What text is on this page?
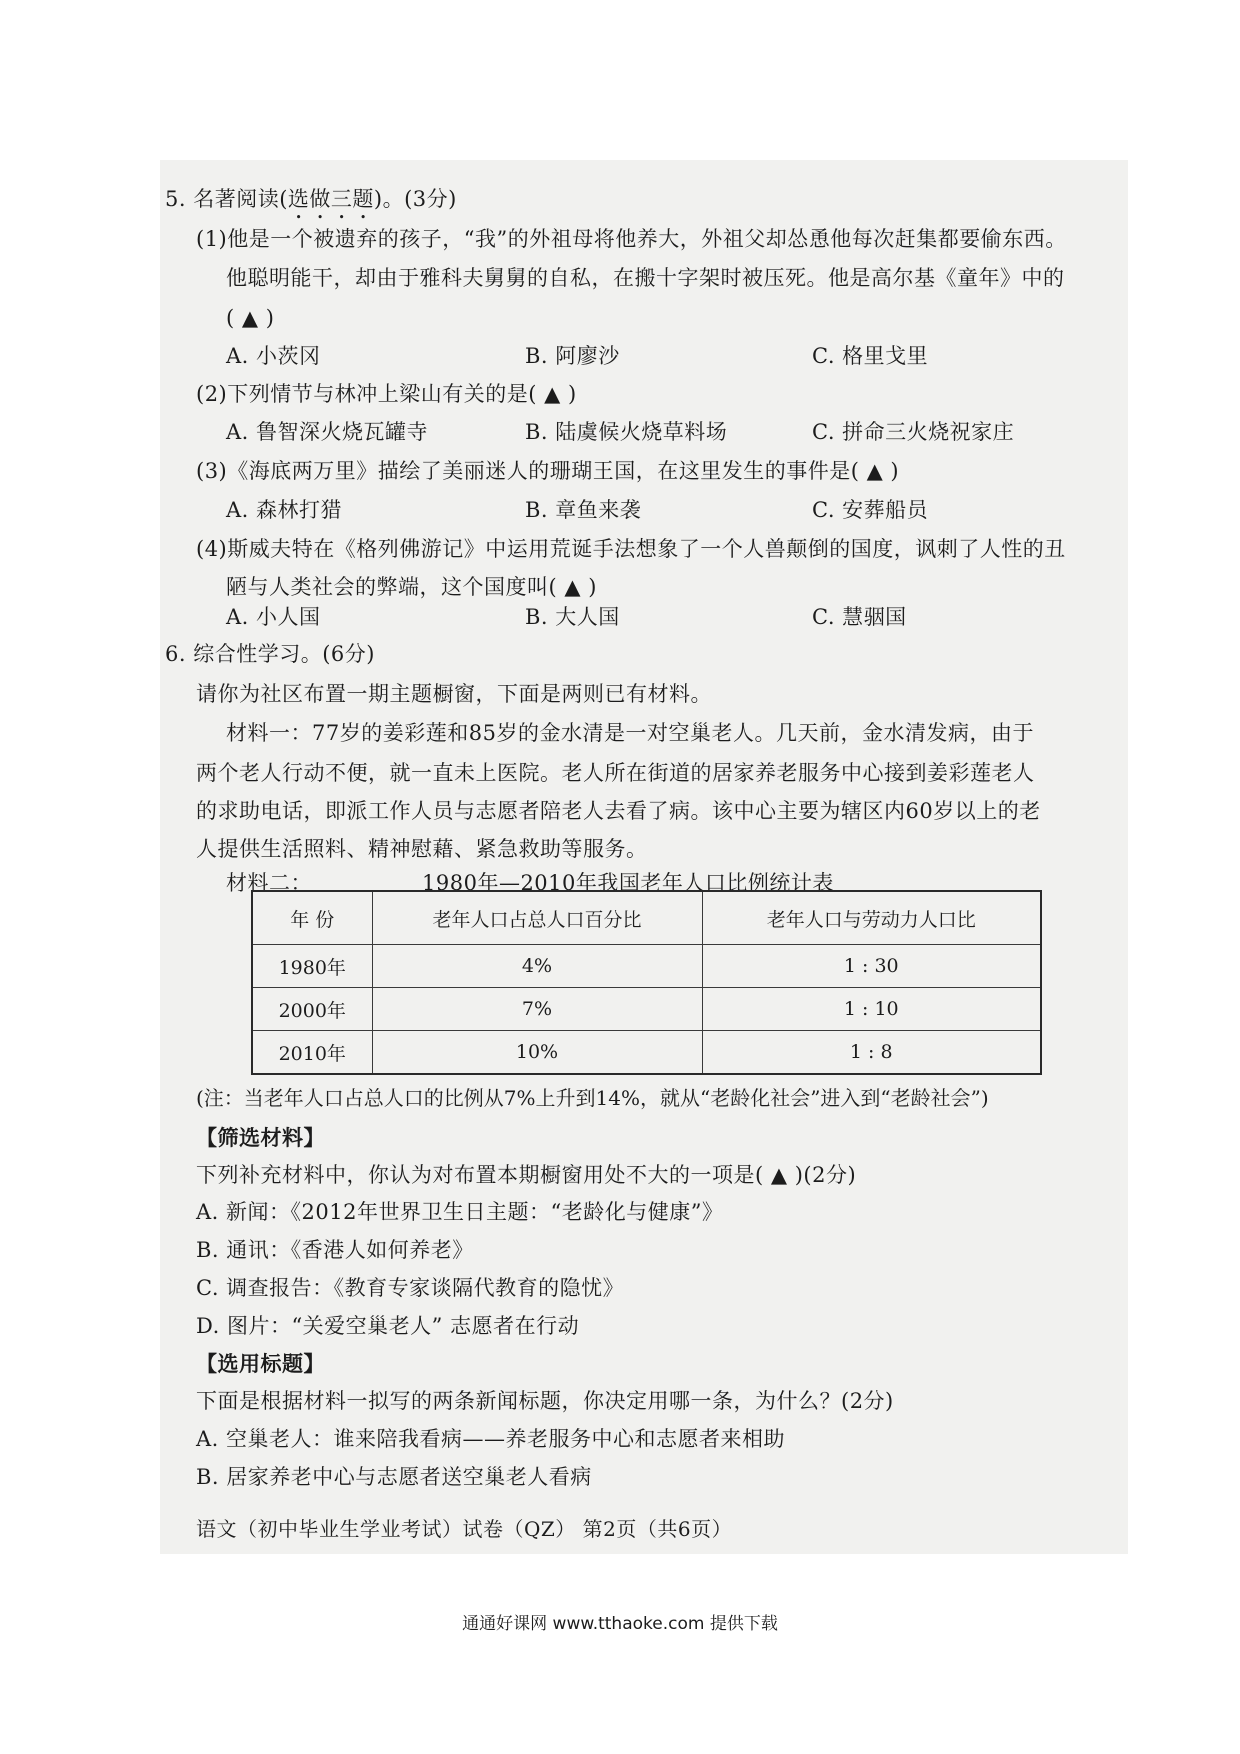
5. 名著阅读(选做三题)。(3分)
(1)他是一个被遗弃的孩子，“我”的外祖母将他养大，外祖父却怂恿他每次赶集都要偷东西。
他聪明能干，却由于雅科夫舅舅的自私，在搬十字架时被压死。他是高尔基《童年》中的
( ▲ )
A. 小茨冈	B. 阿廖沙	C. 格里戈里
(2)下列情节与林冲上梁山有关的是( ▲ )
A. 鲁智深火烧瓦罐寺	B. 陆虞候火烧草料场	C. 拼命三火烧祝家庄
(3)《海底两万里》描绘了美丽迷人的珊瑚王国，在这里发生的事件是( ▲ )
A. 森林打猎	B. 章鱼来袭	C. 安葬船员
(4)斯威夫特在《格列佛游记》中运用荒诞手法想象了一个人兽颠倒的国度，讽刺了人性的丑
陋与人类社会的弊端，这个国度叫( ▲ )
A. 小人国	B. 大人国	C. 慧骃国
6. 综合性学习。(6分)
请你为社区布置一期主题橱窗，下面是两则已有材料。
材料一：77岁的姜彩莲和85岁的金水清是一对空巢老人。几天前，金水清发病，由于
两个老人行动不便，就一直未上医院。老人所在街道的居家养老服务中心接到姜彩莲老人
的求助电话，即派工作人员与志愿者陪老人去看了病。该中心主要为辖区内60岁以上的老
人提供生活照料、精神慰藉、紧急救助等服务。
材料二：	1980年—2010年我国老年人口比例统计表
年 份	老年人口占总人口百分比	老年人口与劳动力人口比
1980年	4%	1 : 30
2000年	7%	1 : 10
2010年	10%	1 : 8
(注：当老年人口占总人口的比例从7%上升到14%，就从“老龄化社会”进入到“老龄社会”)
【筛选材料】
下列补充材料中，你认为对布置本期橱窗用处不大的一项是( ▲ )(2分)
A. 新闻：《2012年世界卫生日主题：“老龄化与健康”》
B. 通讯：《香港人如何养老》
C. 调查报告：《教育专家谈隔代教育的隐忧》
D. 图片：“关爱空巢老人” 志愿者在行动
【选用标题】
下面是根据材料一拟写的两条新闻标题，你决定用哪一条，为什么？(2分)
A. 空巢老人：谁来陪我看病——养老服务中心和志愿者来相助
B. 居家养老中心与志愿者送空巢老人看病
语文（初中毕业生学业考试）试卷（QZ） 第2页（共6页）
通通好课网 www.tthaoke.com 提供下载
